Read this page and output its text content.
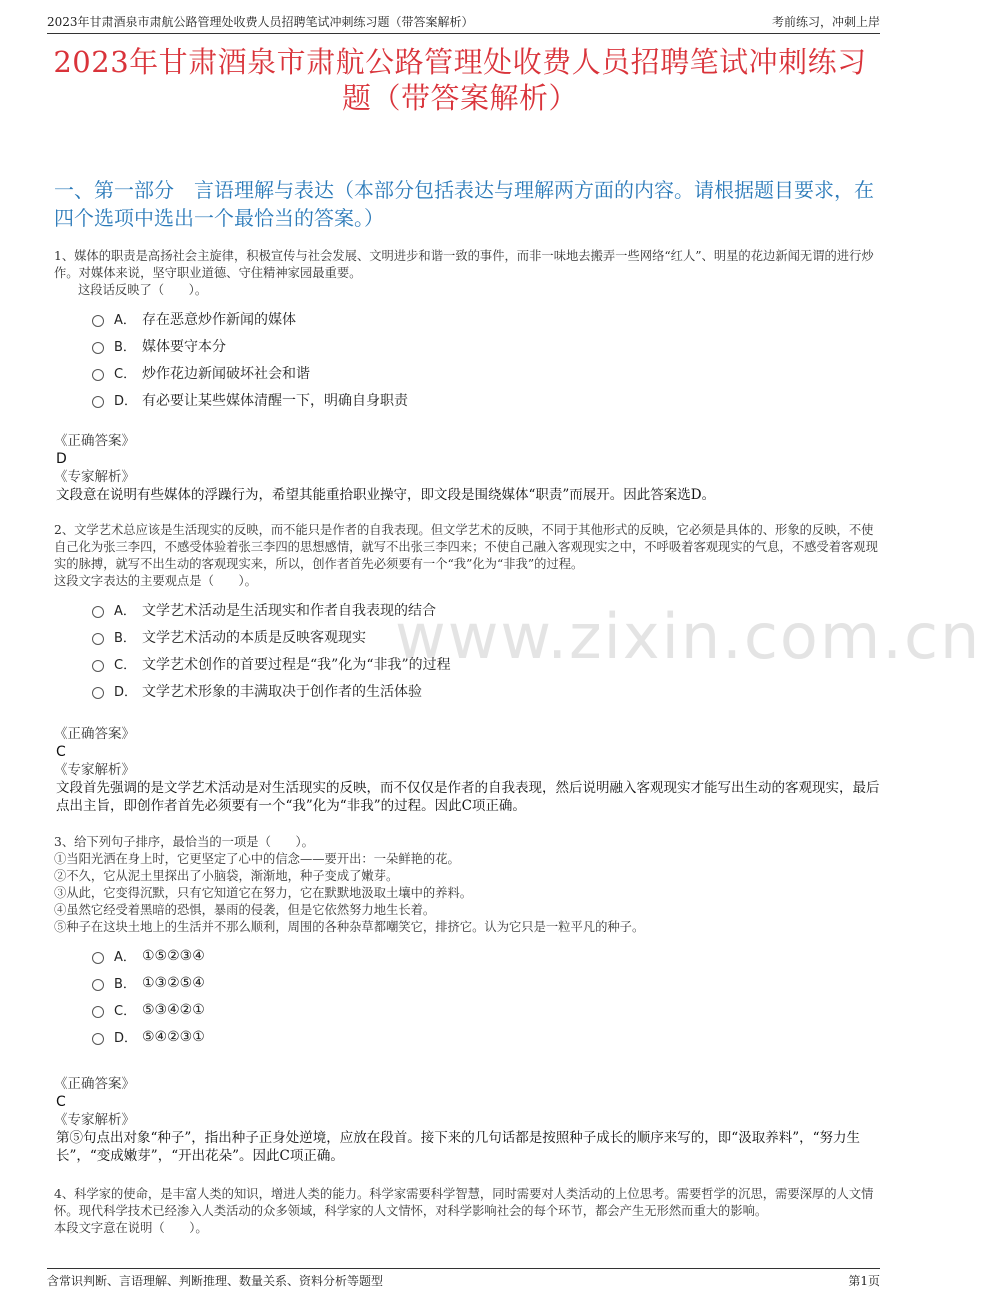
2023年甘肃酒泉市肃航公路管理处收费人员招聘笔试冲刺练习题（带答案解析）	考前练习，冲刺上岸
2023年甘肃酒泉市肃航公路管理处收费人员招聘笔试冲刺练习题（带答案解析）
一、第一部分　言语理解与表达（本部分包括表达与理解两方面的内容。请根据题目要求，在四个选项中选出一个最恰当的答案。）
www.zixin.com.cn

1、媒体的职责是高扬社会主旋律，积极宣传与社会发展、文明进步和谐一致的事件，而非一味地去搬弄一些网络“红人”、明星的花边新闻无谓的进行炒作。对媒体来说，坚守职业道德、守住精神家园最重要。

这段话反映了（　　）。

A． 存在恶意炒作新闻的媒体
B． 媒体要守本分
C． 炒作花边新闻破坏社会和谐
D． 有必要让某些媒体清醒一下，明确自身职责
《正确答案》
D
《专家解析》
文段意在说明有些媒体的浮躁行为，希望其能重拾职业操守，即文段是围绕媒体“职责”而展开。因此答案选D。

2、文学艺术总应该是生活现实的反映，而不能只是作者的自我表现。但文学艺术的反映，不同于其他形式的反映，它必须是具体的、形象的反映，不使自己化为张三李四，不感受体验着张三李四的思想感情，就写不出张三李四来；不使自己融入客观现实之中，不呼吸着客观现实的气息，不感受着客观现实的脉搏，就写不出生动的客观现实来，所以，创作者首先必须要有一个“我”化为“非我”的过程。

这段文字表达的主要观点是（　　）。

A． 文学艺术活动是生活现实和作者自我表现的结合
B． 文学艺术活动的本质是反映客观现实
C． 文学艺术创作的首要过程是“我”化为“非我”的过程
D． 文学艺术形象的丰满取决于创作者的生活体验
《正确答案》
C
《专家解析》
文段首先强调的是文学艺术活动是对生活现实的反映，而不仅仅是作者的自我表现，然后说明融入客观现实才能写出生动的客观现实，最后点出主旨，即创作者首先必须要有一个“我”化为“非我”的过程。因此C项正确。

3、给下列句子排序，最恰当的一项是（　　）。

①当阳光洒在身上时，它更坚定了心中的信念——要开出：一朵鲜艳的花。

②不久，它从泥土里探出了小脑袋，渐渐地，种子变成了嫩芽。

③从此，它变得沉默，只有它知道它在努力，它在默默地汲取土壤中的养料。

④虽然它经受着黑暗的恐惧，暴雨的侵袭，但是它依然努力地生长着。

⑤种子在这块土地上的生活并不那么顺利，周围的各种杂草都嘲笑它，排挤它。认为它只是一粒平凡的种子。

A． ①⑤②③④
B． ①③②⑤④
C． ⑤③④②①
D． ⑤④②③①
《正确答案》
C
《专家解析》
第⑤句点出对象“种子”，指出种子正身处逆境，应放在段首。接下来的几句话都是按照种子成长的顺序来写的，即“汲取养料”，“努力生长”，“变成嫩芽”，“开出花朵”。因此C项正确。

4、科学家的使命，是丰富人类的知识，增进人类的能力。科学家需要科学智慧，同时需要对人类活动的上位思考。需要哲学的沉思，需要深厚的人文情怀。现代科学技术已经渗入人类活动的众多领域，科学家的人文情怀，对科学影响社会的每个环节，都会产生无形然而重大的影响。

本段文字意在说明（　　）。

含常识判断、言语理解、判断推理、数量关系、资料分析等题型	第1页
